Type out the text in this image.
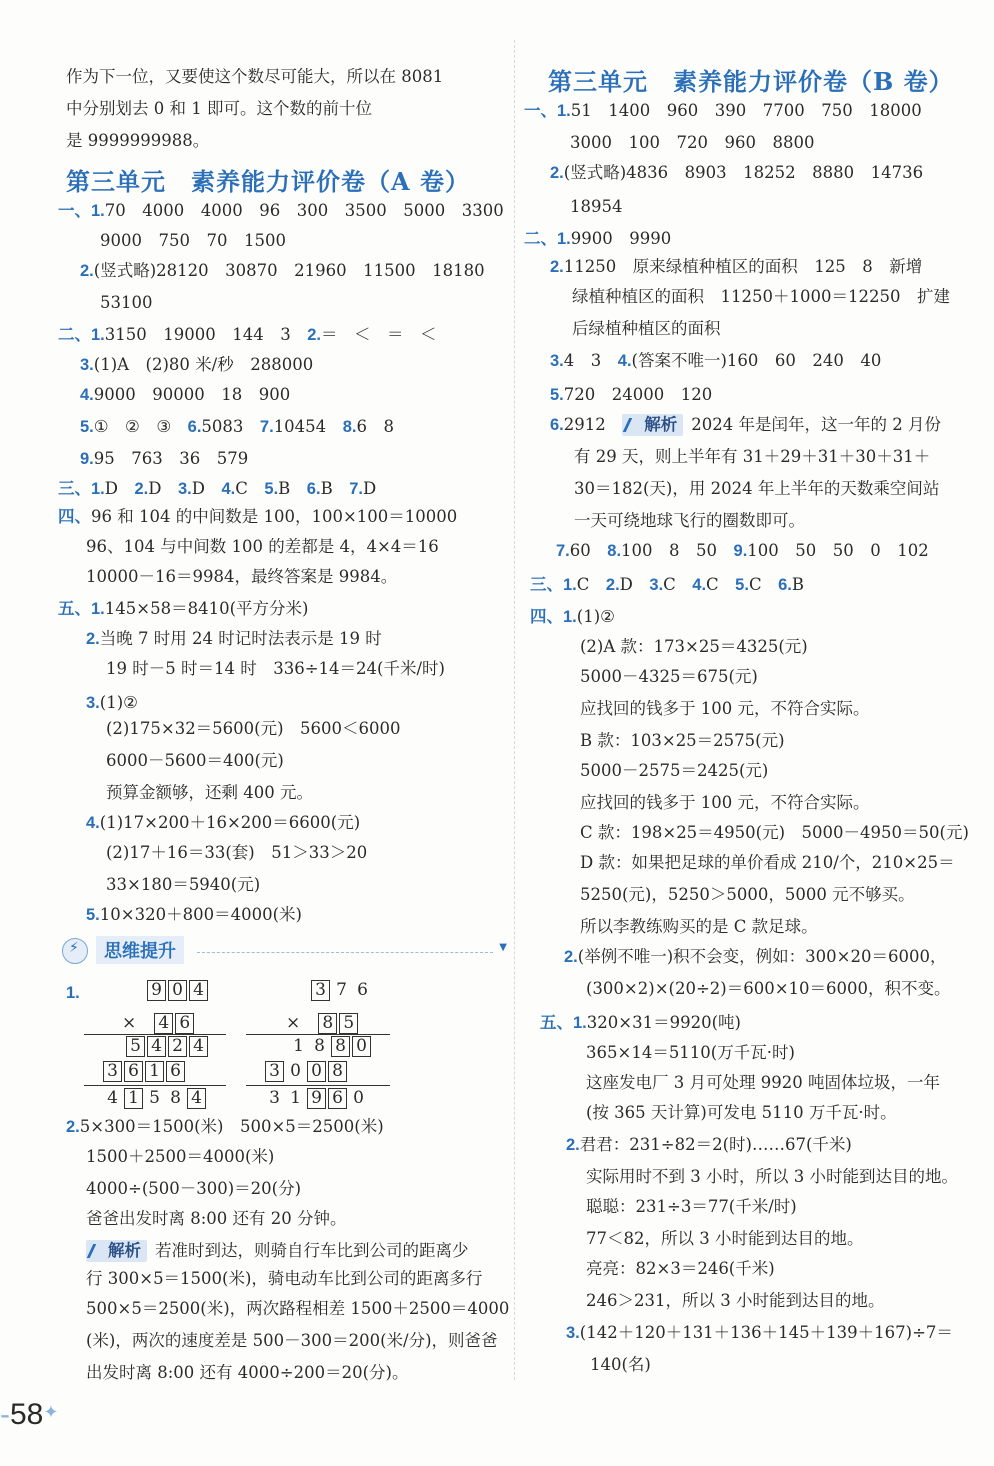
作为下一位，又要使这个数尽可能大，所以在 8081
中分别划去 0 和 1 即可。这个数的前十位
是 9999999988。
第三单元　素养能力评价卷（A 卷）
一、1.70　4000　4000　96　300　3500　5000　3300
9000　750　70　1500
2.(竖式略)28120　30870　21960　11500　18180
53100
二、1.3150　19000　144　3　2.＝　＜　＝　＜
3.(1)A　(2)80 米/秒　288000
4.9000　90000　18　900
5.①　②　③　6.5083　7.10454　8.6　8
9.95　763　36　579
三、1.D　 2.D　 3.D　 4.C　 5.B　 6.B　 7.D
四、96 和 104 的中间数是 100，100×100＝10000
96、104 与中间数 100 的差都是 4，4×4＝16
10000－16＝9984，最终答案是 9984。
五、1.145×58＝8410(平方分米)
2.当晚 7 时用 24 时记时法表示是 19 时
19 时－5 时＝14 时　336÷14＝24(千米/时)
3.(1)②
(2)175×32＝5600(元)　5600＜6000
6000－5600＝400(元)
预算金额够，还剩 400 元。
4.(1)17×200＋16×200＝6600(元)
(2)17＋16＝33(套)　51＞33＞20
33×180＝5940(元)
5.10×320＋800＝4000(米)
⚡	思维提升	▼
1.	9 0 4
×　 4 6
5 4 2 4
3 6 1 6
4 1 5 8 4
3 7 6
×　 8 5
1 8 8 0
3 0 0 8
3 1 9 6 0
2.5×300＝1500(米)　500×5＝2500(米)
1500＋2500＝4000(米)
4000÷(500－300)＝20(分)
爸爸出发时离 8:00 还有 20 分钟。
解析 若准时到达，则骑自行车比到公司的距离少
行 300×5＝1500(米)，骑电动车比到公司的距离多行
500×5＝2500(米)，两次路程相差 1500＋2500＝4000
(米)，两次的速度差是 500－300＝200(米/分)，则爸爸
出发时离 8:00 还有 4000÷200＝20(分)。
第三单元　素养能力评价卷（B 卷）
一、1.51　1400　960　390　7700　750　18000
3000　100　720　960　8800
2.(竖式略)4836　8903　18252　8880　14736
18954
二、1.9900　9990
2.11250　原来绿植种植区的面积　125　8　新增
绿植种植区的面积　11250＋1000＝12250　扩建
后绿植种植区的面积
3.4　3　4.(答案不唯一)160　60　240　40
5.720　24000　120
6.2912　 解析 2024 年是闰年，这一年的 2 月份
有 29 天，则上半年有 31＋29＋31＋30＋31＋
30＝182(天)，用 2024 年上半年的天数乘空间站
一天可绕地球飞行的圈数即可。
7.60　8.100　8　50　9.100　50　50　0　102
三、1.C　 2.D　 3.C　 4.C　 5.C　 6.B
四、1.(1)②
(2)A 款：173×25＝4325(元)
5000－4325＝675(元)
应找回的钱多于 100 元，不符合实际。
B 款：103×25＝2575(元)
5000－2575＝2425(元)
应找回的钱多于 100 元，不符合实际。
C 款：198×25＝4950(元)　5000－4950＝50(元)
D 款：如果把足球的单价看成 210/个，210×25＝
5250(元)，5250＞5000，5000 元不够买。
所以李教练购买的是 C 款足球。
2.(举例不唯一)积不会变，例如：300×20＝6000，
(300×2)×(20÷2)＝600×10＝6000，积不变。
五、1.320×31＝9920(吨)
365×14＝5110(万千瓦·时)
这座发电厂 3 月可处理 9920 吨固体垃圾，一年
(按 365 天计算)可发电 5110 万千瓦·时。
2.君君：231÷82＝2(时)……67(千米)
实际用时不到 3 小时，所以 3 小时能到达目的地。
聪聪：231÷3＝77(千米/时)
77＜82，所以 3 小时能到达目的地。
亮亮：82×3＝246(千米)
246＞231，所以 3 小时能到达目的地。
3.(142＋120＋131＋136＋145＋139＋167)÷7＝
140(名)
-58✦
